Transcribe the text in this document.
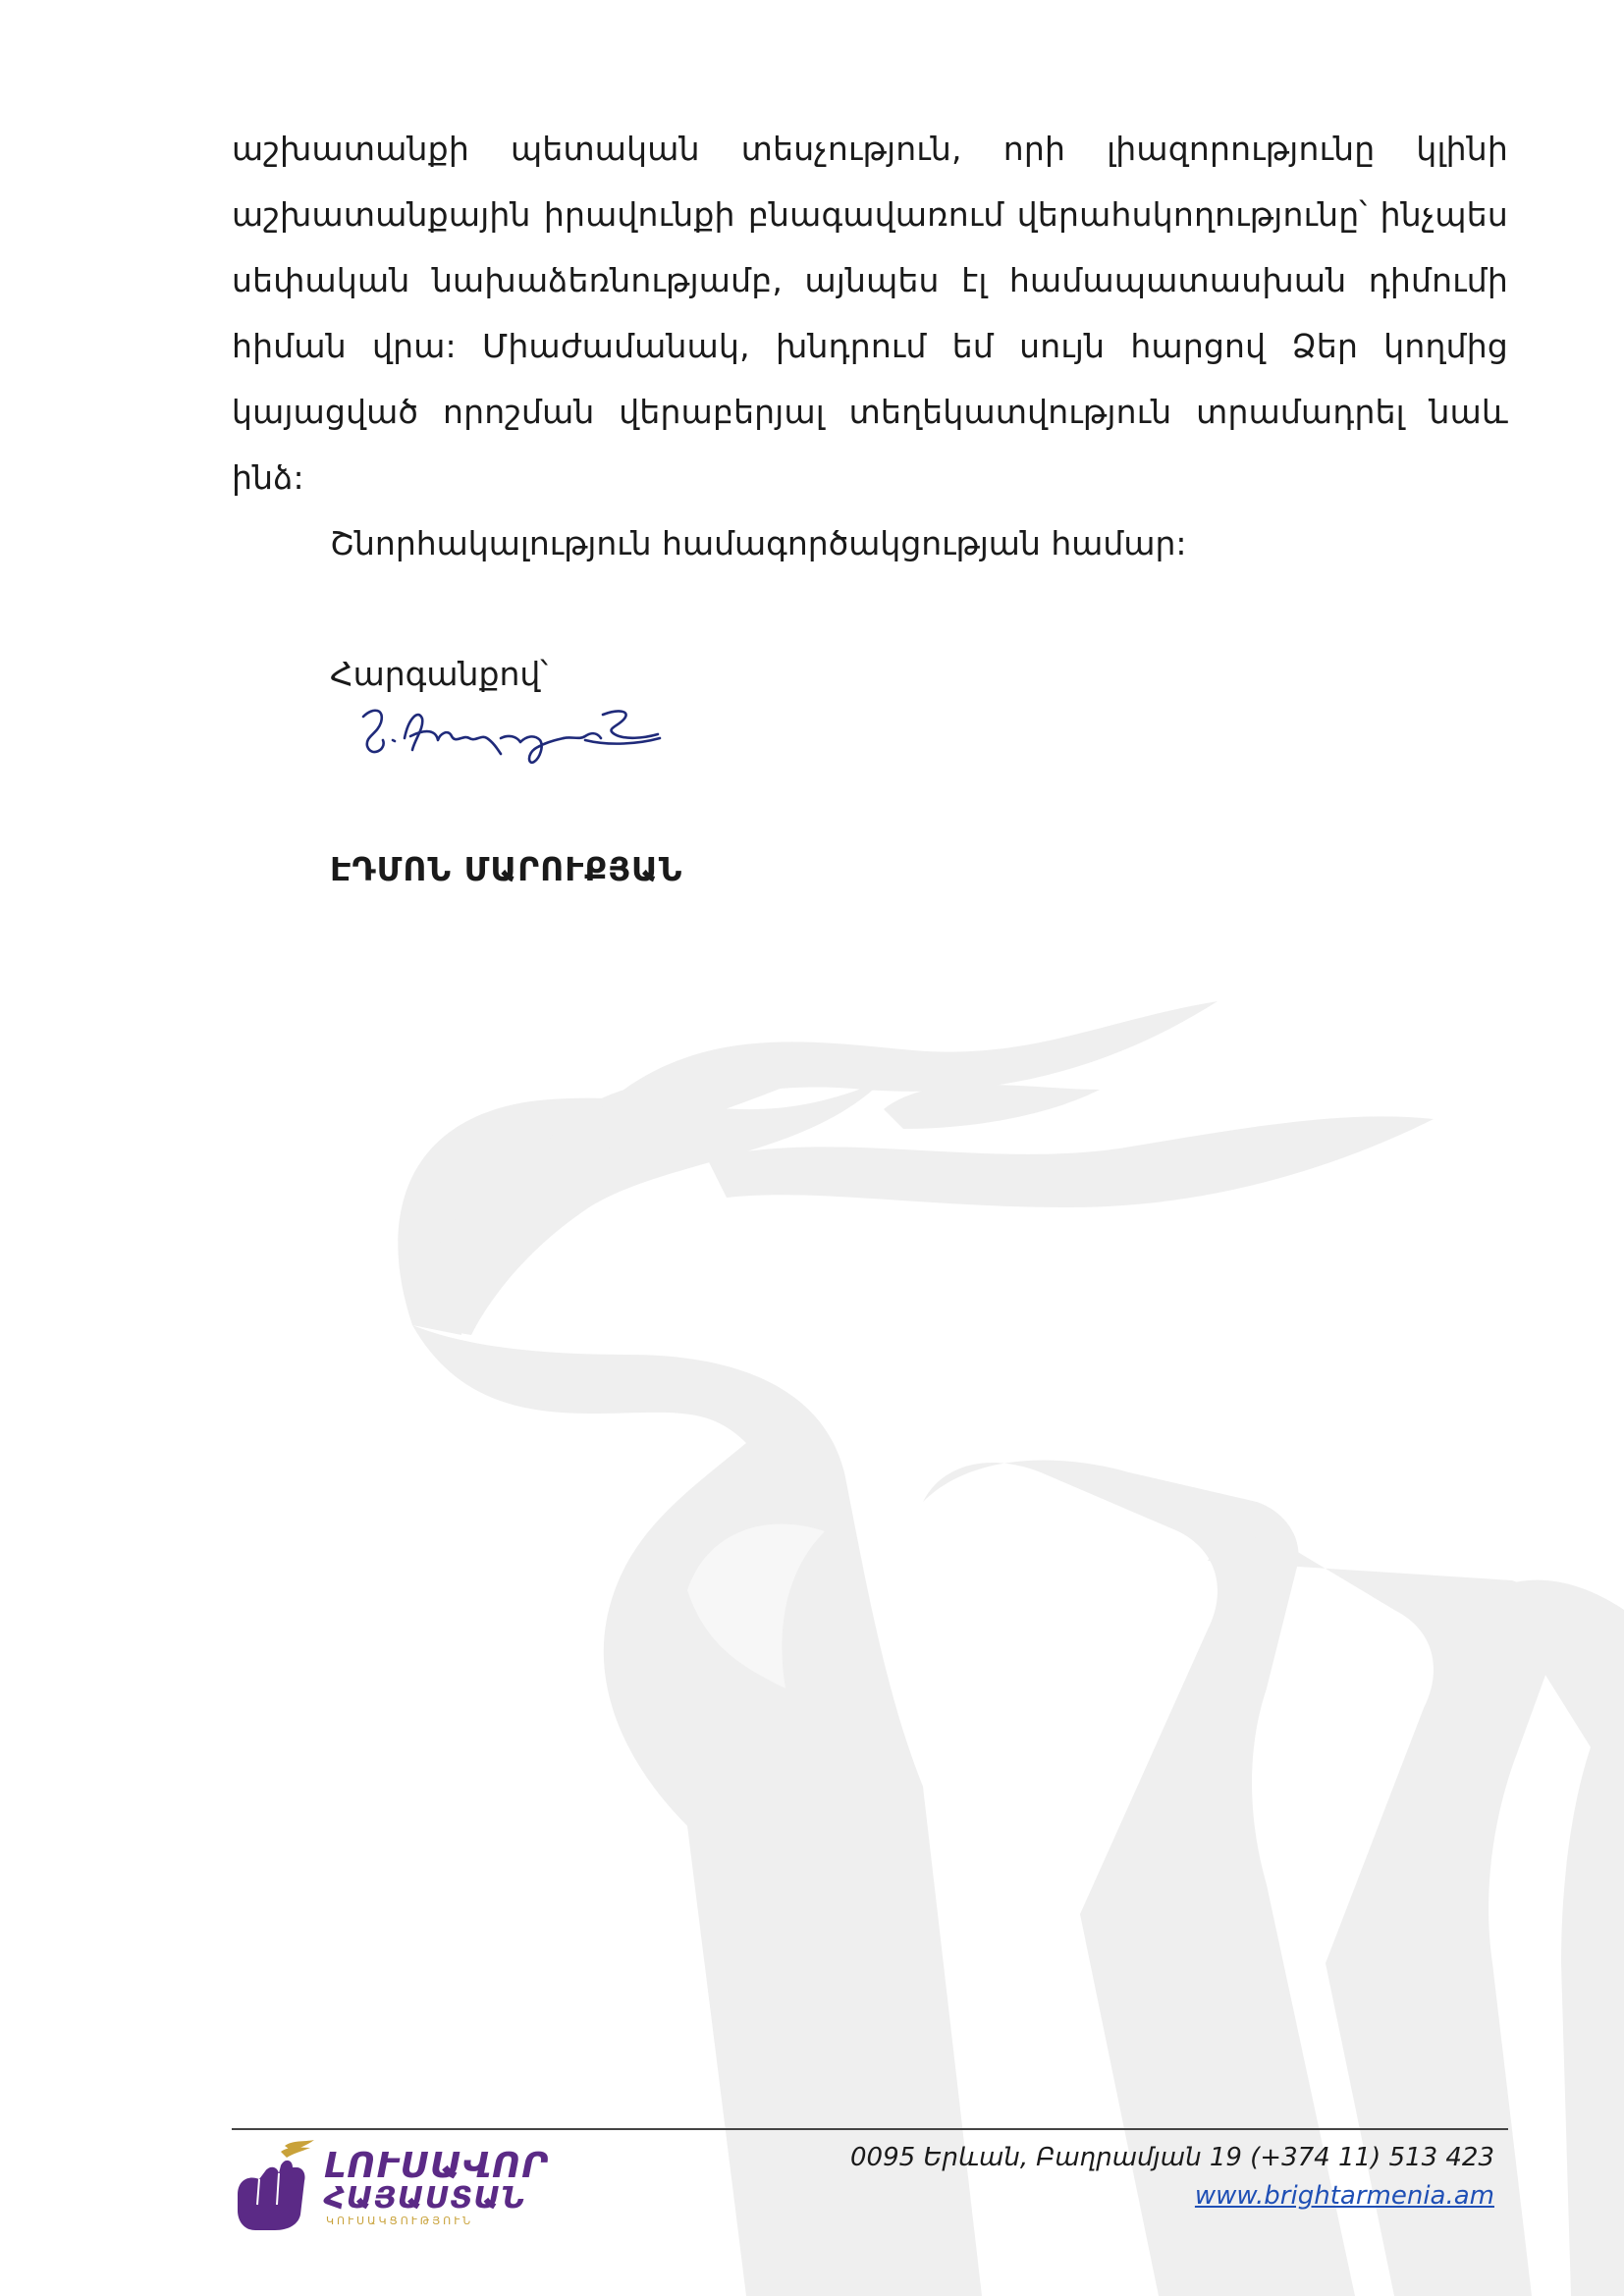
աշխատանքի պետական տեսչություն, որի լիազորությունը կլինի աշխատանքային իրավունքի բնագավառում վերահսկողությունը՝ ինչպես սեփական նախաձեռնությամբ, այնպես էլ համապատասխան դիմումի հիման վրա: Միաժամանակ, խնդրում եմ սույն հարցով Ձեր կողմից կայացված որոշման վերաբերյալ տեղեկատվություն տրամադրել նաև ինձ:

Շնորհակալություն համագործակցության համար:

Հարգանքով՝

ԷԴՄՈՆ ՄԱՐՈՒՔՅԱՆ

ԼՈՒՍԱՎՈՐ

ՀԱՅԱՍՏԱՆ

ԿՈՒՍԱԿՑՈՒԹՅՈՒՆ

0095 Երևան, Բաղրամյան 19 (+374 11) 513 423

www.brightarmenia.am
